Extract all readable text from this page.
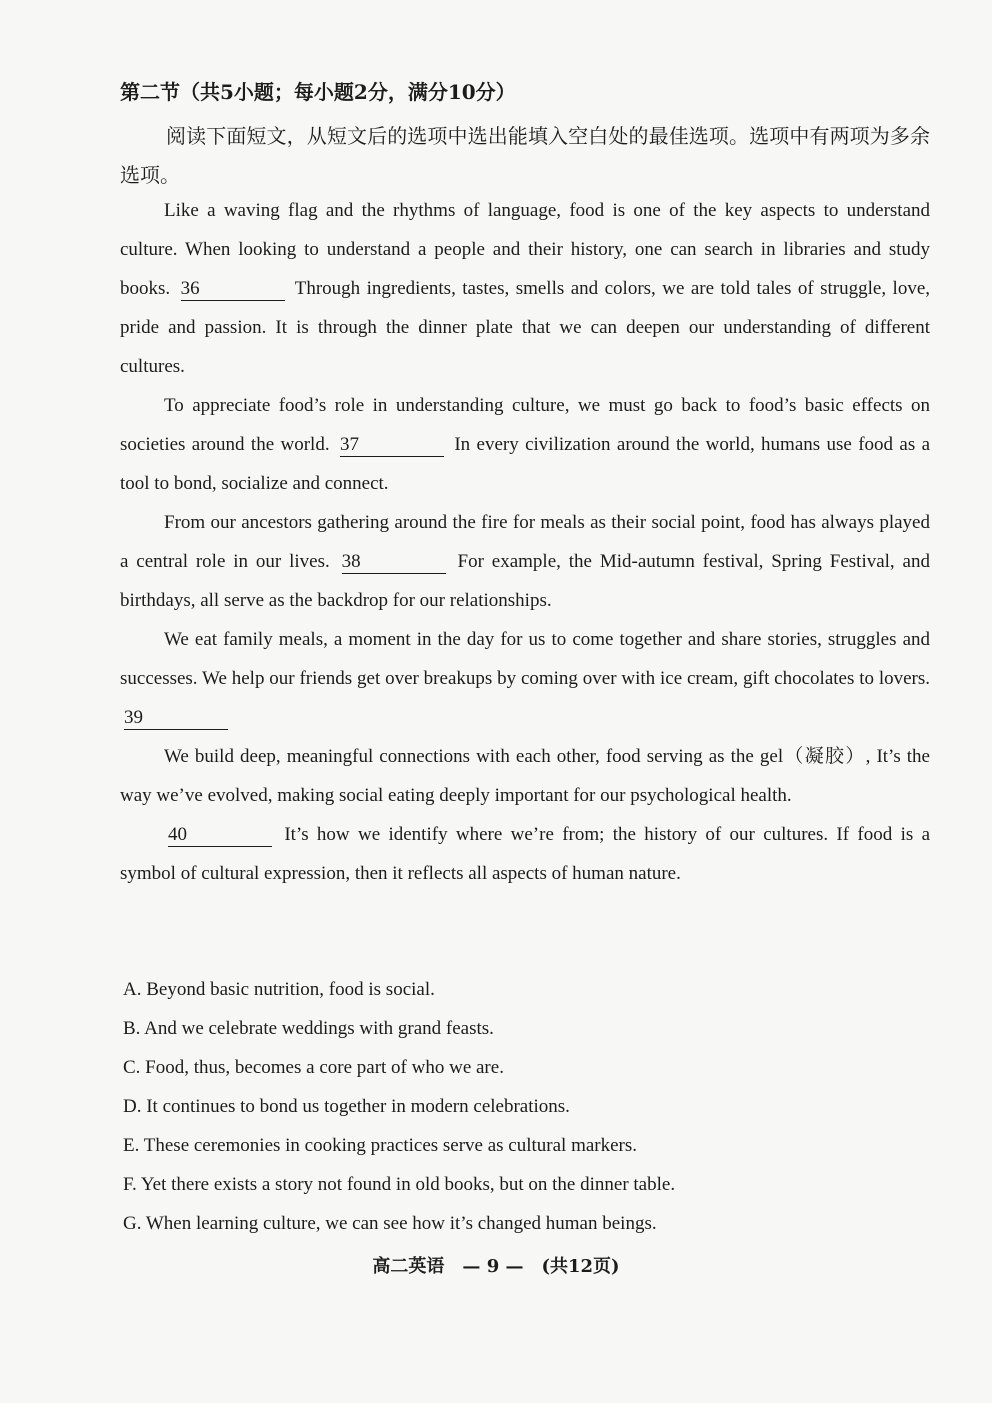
第二节（共5小题；每小题2分，满分10分）
阅读下面短文，从短文后的选项中选出能填入空白处的最佳选项。选项中有两项为多余选项。

Like a waving flag and the rhythms of language, food is one of the key aspects to understand culture. When looking to understand a people and their history, one can search in libraries and study books. 36	Through ingredients, tastes, smells and colors, we are told tales of struggle, love, pride and passion. It is through the dinner plate that we can deepen our understanding of different cultures.

To appreciate food’s role in understanding culture, we must go back to food’s basic effects on societies around the world. 37	In every civilization around the world, humans use food as a tool to bond, socialize and connect.

From our ancestors gathering around the fire for meals as their social point, food has always played a central role in our lives. 38	For example, the Mid-autumn festival, Spring Festival, and birthdays, all serve as the backdrop for our relationships.

We eat family meals, a moment in the day for us to come together and share stories, struggles and successes. We help our friends get over breakups by coming over with ice cream, gift chocolates to lovers. 39

We build deep, meaningful connections with each other, food serving as the gel（凝胶）, It’s the way we’ve evolved, making social eating deeply important for our psychological health.

40	It’s how we identify where we’re from; the history of our cultures. If food is a symbol of cultural expression, then it reflects all aspects of human nature.

A. Beyond basic nutrition, food is social.

B. And we celebrate weddings with grand feasts.

C. Food, thus, becomes a core part of who we are.

D. It continues to bond us together in modern celebrations.

E. These ceremonies in cooking practices serve as cultural markers.

F. Yet there exists a story not found in old books, but on the dinner table.

G. When learning culture, we can see how it’s changed human beings.

高二英语　— 9 —　(共12页)
